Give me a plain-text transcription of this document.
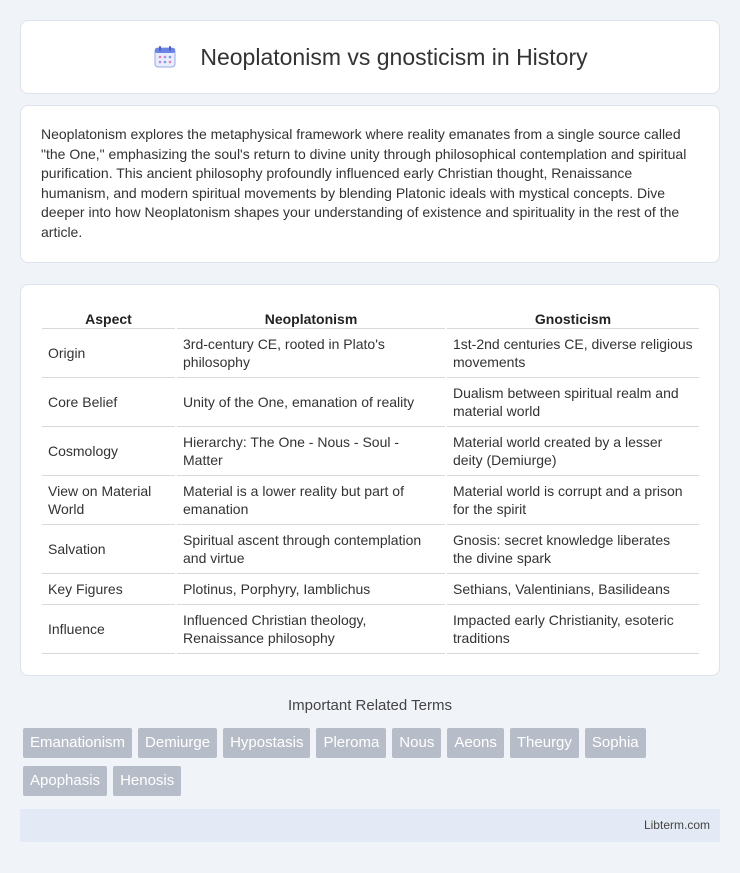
Neoplatonism vs gnosticism in History

Neoplatonism explores the metaphysical framework where reality emanates from a single source called "the One," emphasizing the soul's return to divine unity through philosophical contemplation and spiritual purification. This ancient philosophy profoundly influenced early Christian thought, Renaissance humanism, and modern spiritual movements by blending Platonic ideals with mystical concepts. Dive deeper into how Neoplatonism shapes your understanding of existence and spirituality in the rest of the article.

Aspect	Neoplatonism	Gnosticism
Origin	3rd-century CE, rooted in Plato's philosophy	1st-2nd centuries CE, diverse religious movements
Core Belief	Unity of the One, emanation of reality	Dualism between spiritual realm and material world
Cosmology	Hierarchy: The One - Nous - Soul - Matter	Material world created by a lesser deity (Demiurge)
View on Material World	Material is a lower reality but part of emanation	Material world is corrupt and a prison for the spirit
Salvation	Spiritual ascent through contemplation and virtue	Gnosis: secret knowledge liberates the divine spark
Key Figures	Plotinus, Porphyry, Iamblichus	Sethians, Valentinians, Basilideans
Influence	Influenced Christian theology, Renaissance philosophy	Impacted early Christianity, esoteric traditions
Important Related Terms
Emanationism	Demiurge	Hypostasis	Pleroma	Nous	Aeons	Theurgy	Sophia
Apophasis	Henosis
Libterm.com
